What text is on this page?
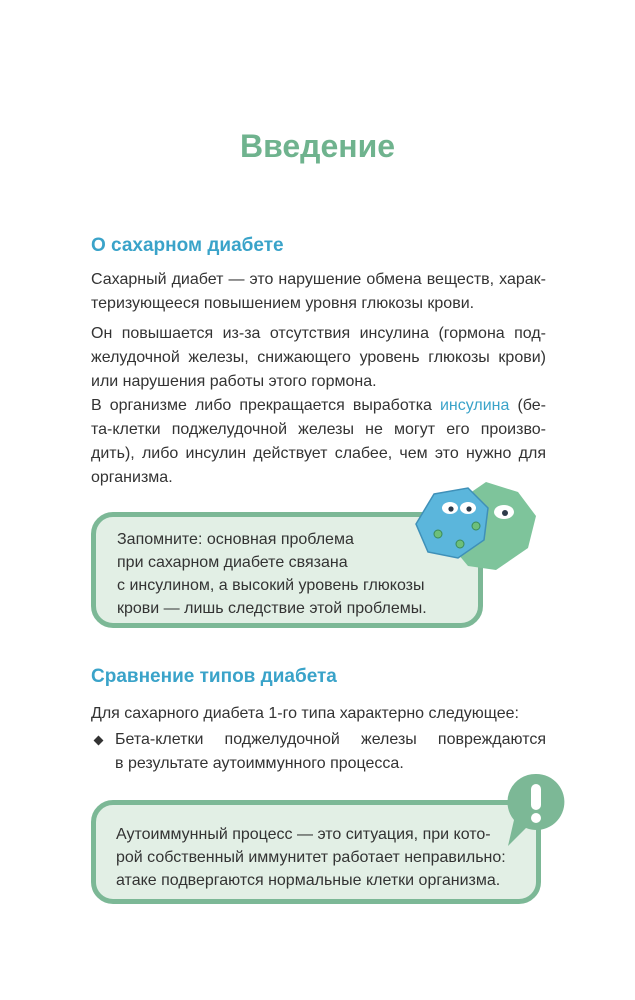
Введение
О сахарном диабете
Сахарный диабет — это нарушение обмена веществ, харак-
теризующееся повышением уровня глюкозы крови.
Он повышается из-за отсутствия инсулина (гормона под-
желудочной железы, снижающего уровень глюкозы крови)
или нарушения работы этого гормона.
В организме либо прекращается выработка инсулина (бе-
та-клетки поджелудочной железы не могут его произво-
дить), либо инсулин действует слабее, чем это нужно для
организма.
Запомните: основная проблема
при сахарном диабете связана
с инсулином, а высокий уровень глюкозы
крови — лишь следствие этой проблемы.
Сравнение типов диабета
Для сахарного диабета 1-го типа характерно следующее:
Бета-клетки поджелудочной железы повреждаются
в результате аутоиммунного процесса.
Аутоиммунный процесс — это ситуация, при кото-
рой собственный иммунитет работает неправильно:
атаке подвергаются нормальные клетки организма.
